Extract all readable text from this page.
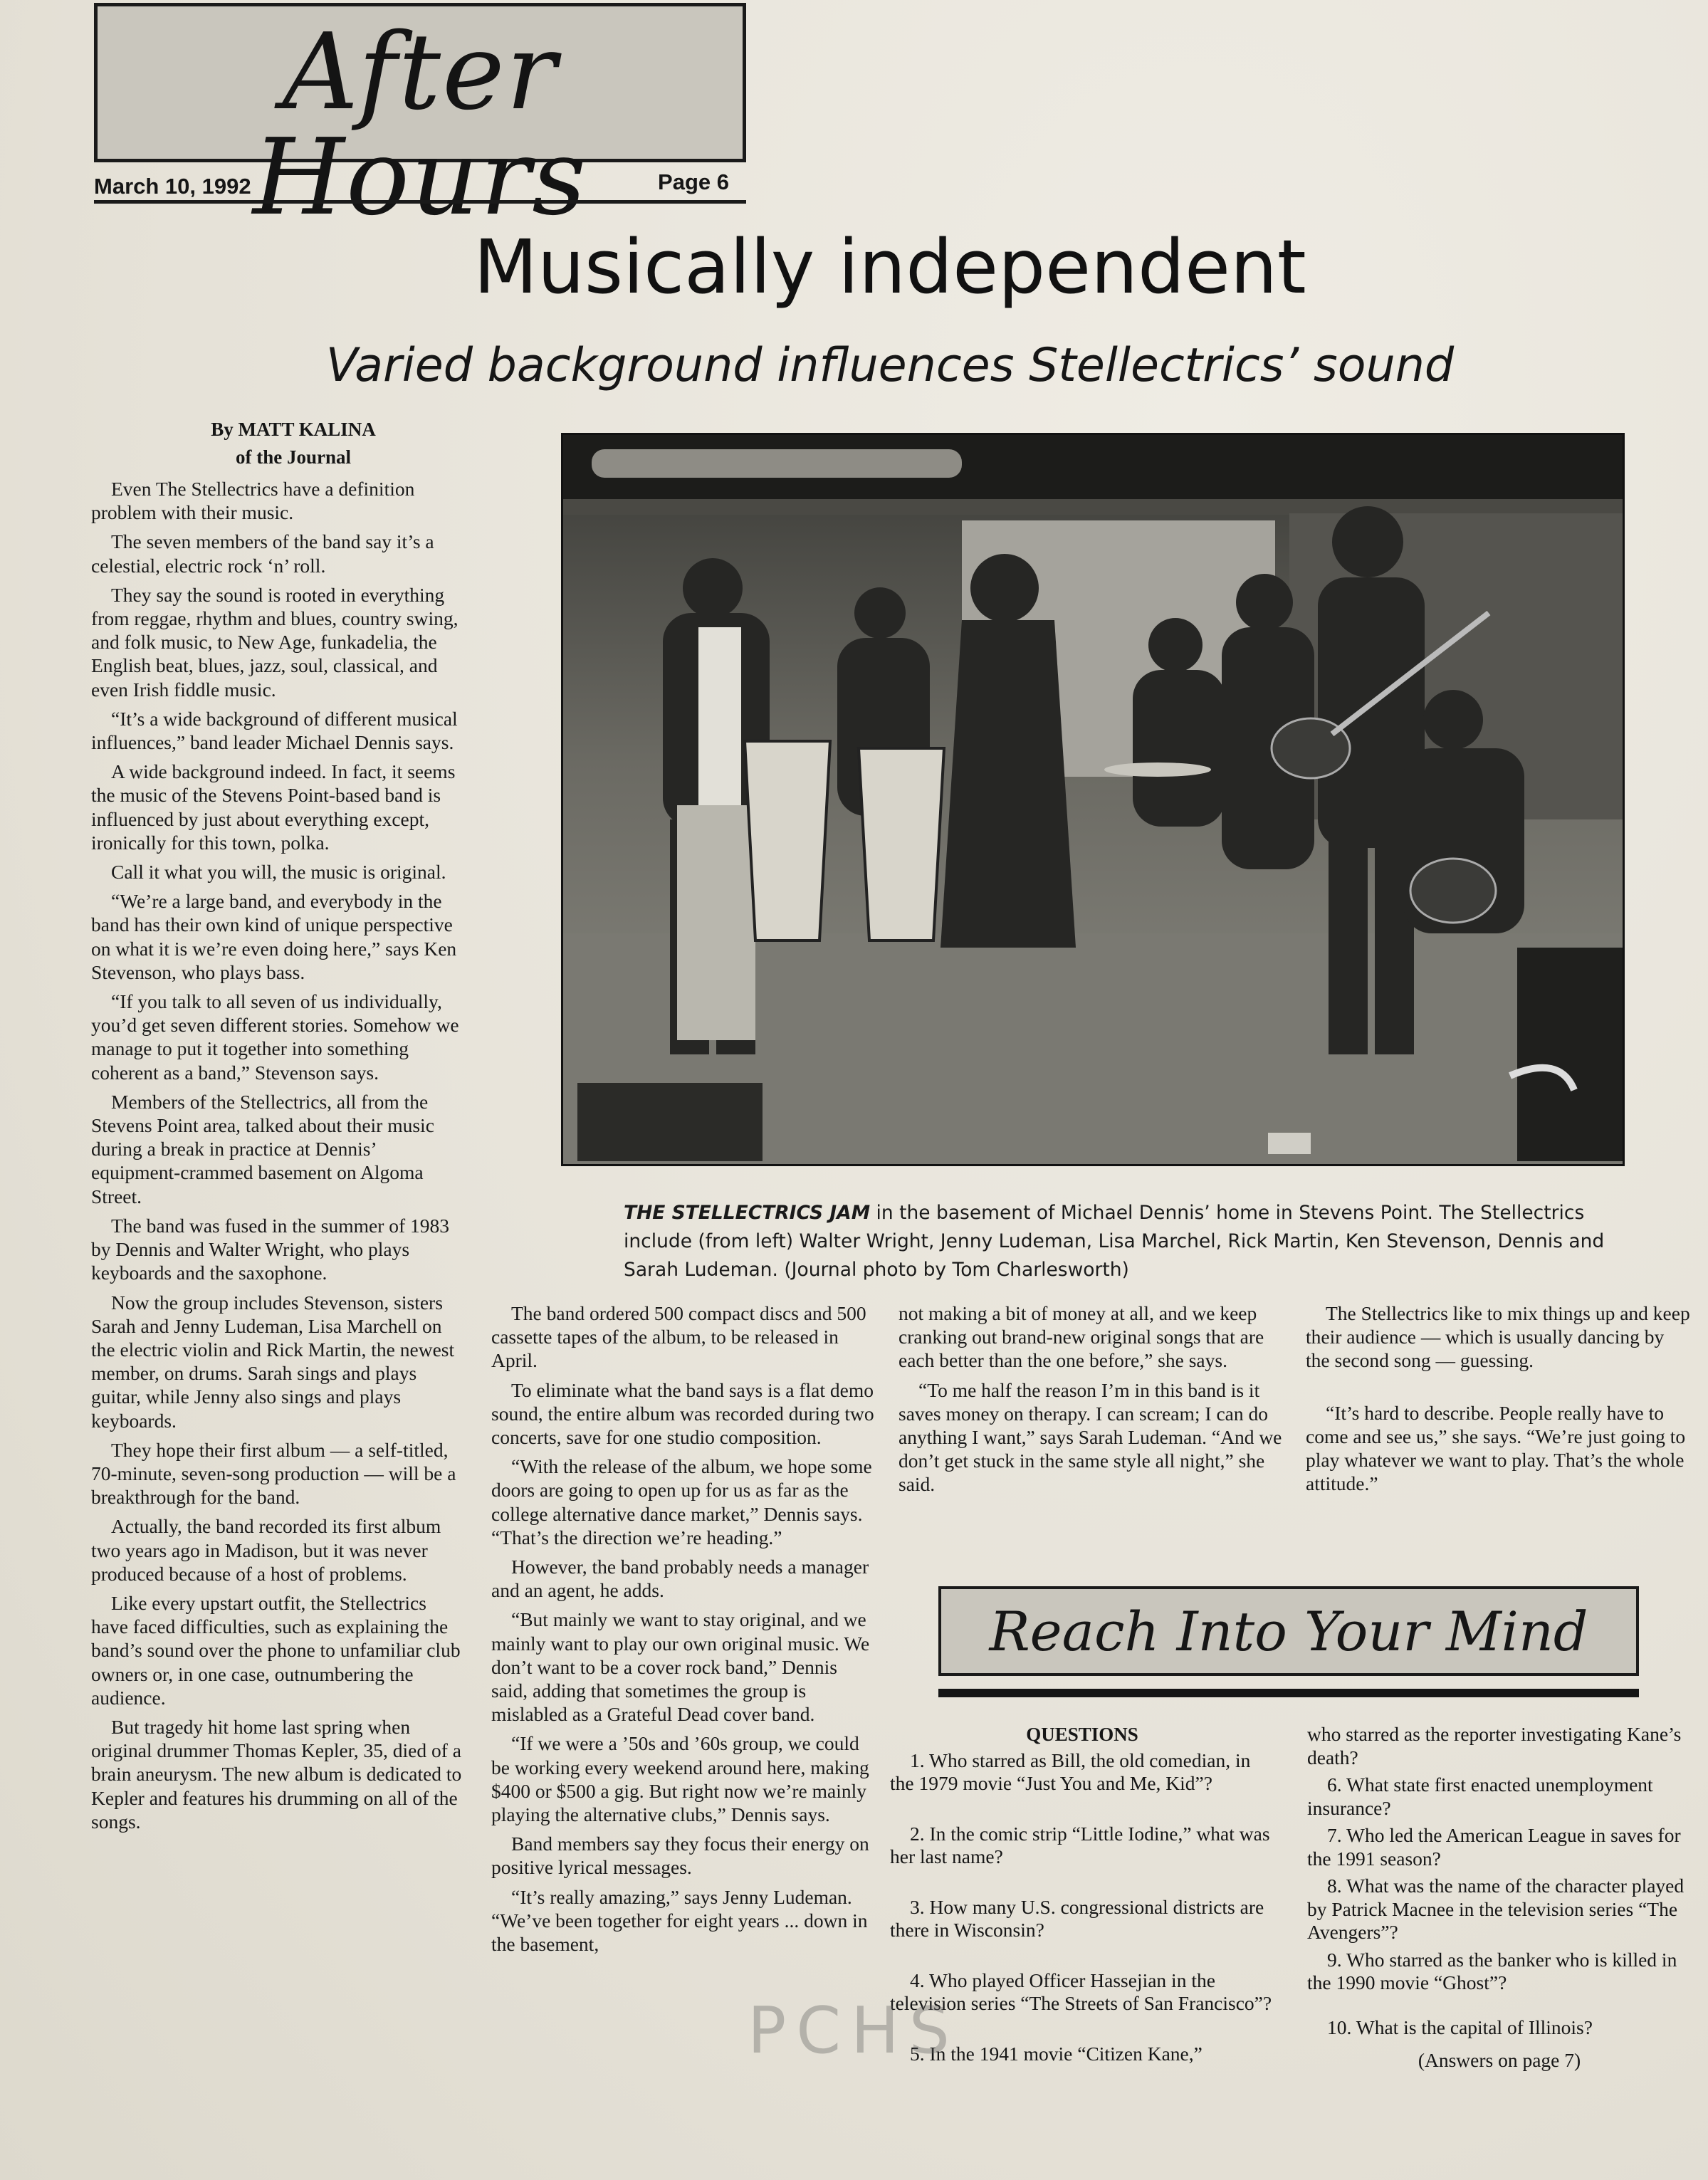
After Hours
March 10, 1992	Page 6
Musically independent
Varied background influences Stellectrics’ sound
By MATT KALINA
of the Journal

Even The Stellectrics have a definition problem with their music.

The seven members of the band say it’s a celestial, electric rock ‘n’ roll.

They say the sound is rooted in everything from reggae, rhythm and blues, country swing, and folk music, to New Age, funkadelia, the English beat, blues, jazz, soul, classical, and even Irish fiddle music.

“It’s a wide background of different musical influences,” band leader Michael Dennis says.

A wide background indeed. In fact, it seems the music of the Stevens Point-based band is influenced by just about everything except, ironically for this town, polka.

Call it what you will, the music is original.

“We’re a large band, and everybody in the band has their own kind of unique perspective on what it is we’re even doing here,” says Ken Stevenson, who plays bass.

“If you talk to all seven of us individually, you’d get seven different stories. Somehow we manage to put it together into something coherent as a band,” Stevenson says.

Members of the Stellectrics, all from the Stevens Point area, talked about their music during a break in practice at Dennis’ equipment-crammed basement on Algoma Street.

The band was fused in the summer of 1983 by Dennis and Walter Wright, who plays keyboards and the saxophone.

Now the group includes Stevenson, sisters Sarah and Jenny Ludeman, Lisa Marchell on the electric violin and Rick Martin, the newest member, on drums. Sarah sings and plays guitar, while Jenny also sings and plays keyboards.

They hope their first album — a self-titled, 70-minute, seven-song production — will be a breakthrough for the band.

Actually, the band recorded its first album two years ago in Madison, but it was never produced because of a host of problems.

Like every upstart outfit, the Stellectrics have faced difficulties, such as explaining the band’s sound over the phone to unfamiliar club owners or, in one case, outnumbering the audience.

But tragedy hit home last spring when original drummer Thomas Kepler, 35, died of a brain aneurysm. The new album is dedicated to Kepler and features his drumming on all of the songs.

THE STELLECTRICS JAM in the basement of Michael Dennis’ home in Stevens Point. The Stellectrics include (from left) Walter Wright, Jenny Ludeman, Lisa Marchel, Rick Martin, Ken Stevenson, Dennis and Sarah Ludeman. (Journal photo by Tom Charlesworth)

The band ordered 500 compact discs and 500 cassette tapes of the album, to be released in April.

To eliminate what the band says is a flat demo sound, the entire album was recorded during two concerts, save for one studio composition.

“With the release of the album, we hope some doors are going to open up for us as far as the college alternative dance market,” Dennis says. “That’s the direction we’re heading.”

However, the band probably needs a manager and an agent, he adds.

“But mainly we want to stay original, and we mainly want to play our own original music. We don’t want to be a cover rock band,” Dennis said, adding that sometimes the group is mislabled as a Grateful Dead cover band.

“If we were a ’50s and ’60s group, we could be working every weekend around here, making $400 or $500 a gig. But right now we’re mainly playing the alternative clubs,” Dennis says.

Band members say they focus their energy on positive lyrical messages.

“It’s really amazing,” says Jenny Ludeman. “We’ve been together for eight years ... down in the basement,

not making a bit of money at all, and we keep cranking out brand-new original songs that are each better than the one before,” she says.

“To me half the reason I’m in this band is it saves money on therapy. I can scream; I can do anything I want,” says Sarah Ludeman. “And we don’t get stuck in the same style all night,” she said.

The Stellectrics like to mix things up and keep their audience — which is usually dancing by the second song — guessing.

“It’s hard to describe. People really have to come and see us,” she says. “We’re just going to play whatever we want to play. That’s the whole attitude.”

Reach Into Your Mind

QUESTIONS

1. Who starred as Bill, the old comedian, in the 1979 movie “Just You and Me, Kid”?

2. In the comic strip “Little Iodine,” what was her last name?

3. How many U.S. congressional districts are there in Wisconsin?

4. Who played Officer Hassejian in the television series “The Streets of San Francisco”?

5. In the 1941 movie “Citizen Kane,”

who starred as the reporter investigating Kane’s death?

6. What state first enacted unemployment insurance?

7. Who led the American League in saves for the 1991 season?

8. What was the name of the character played by Patrick Macnee in the television series “The Avengers”?

9. Who starred as the banker who is killed in the 1990 movie “Ghost”?

10. What is the capital of Illinois?

(Answers on page 7)

PCHS
